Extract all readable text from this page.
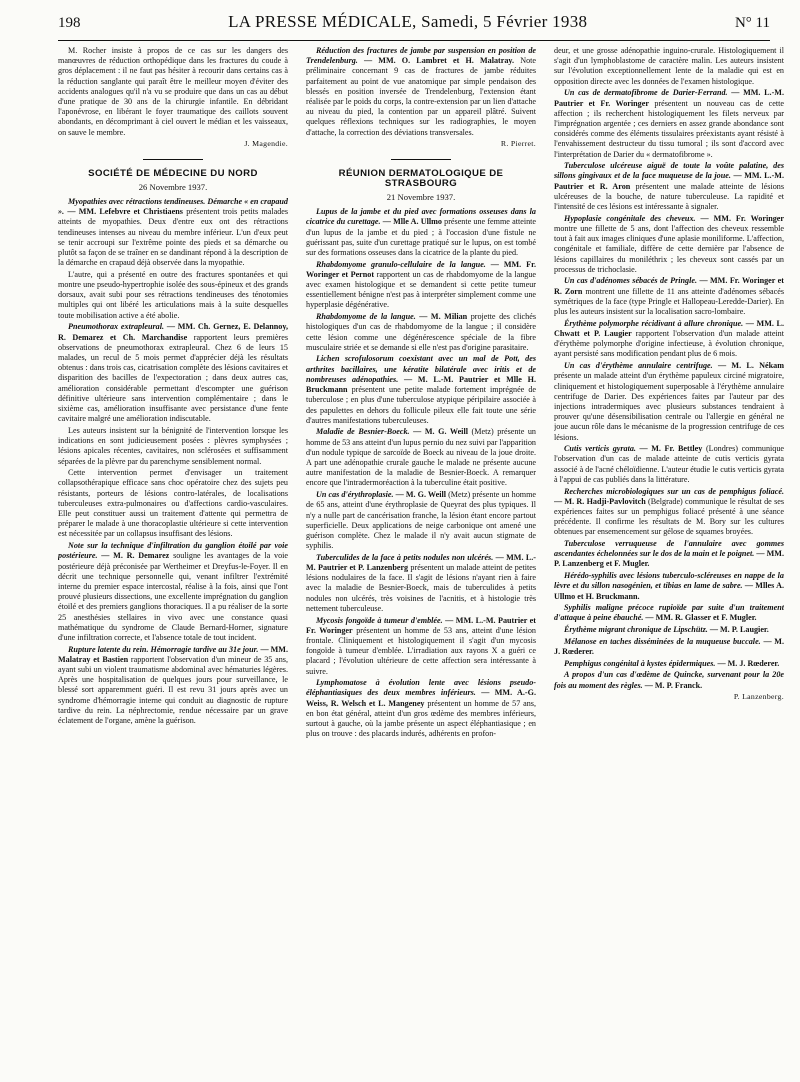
198	LA PRESSE MÉDICALE, Samedi, 5 Février 1938	N° 11

M. Rocher insiste à propos de ce cas sur les dangers des manœuvres de réduction orthopédique dans les fractures du coude à gros déplacement : il ne faut pas hésiter à recourir dans certains cas à la réduction sanglante qui paraît être le meilleur moyen d'éviter des accidents analogues qu'il n'a vu se produire que dans un cas au début d'une pratique de 30 ans de la chirurgie infantile. En débridant l'aponévrose, en libérant le foyer traumatique des caillots souvent abondants, en décomprimant à ciel ouvert le médian et les vaisseaux, on sauve le membre.

J. Magendie.
SOCIÉTÉ DE MÉDECINE DU NORD
26 Novembre 1937.

Myopathies avec rétractions tendineuses. Démarche « en crapaud ». — MM. Lefebvre et Christiaens présentent trois petits malades atteints de myopathies. Deux d'entre eux ont des rétractions tendineuses intenses au niveau du membre inférieur. L'un d'eux peut se tenir accroupi sur l'extrême pointe des pieds et sa démarche ou plutôt sa façon de se traîner en se dandinant répond à la description de la démarche en crapaud déjà observée dans la myopathie.

L'autre, qui a présenté en outre des fractures spontanées et qui montre une pseudo-hypertrophie isolée des sous-épineux et des grands dorsaux, avait subi pour ses rétractions tendineuses des ténotomies multiples qui ont libéré les articulations mais à la suite desquelles toute mobilisation active a été abolie.

Pneumothorax extrapleural. — MM. Ch. Gernez, E. Delannoy, R. Demarez et Ch. Marchandise rapportent leurs premières observations de pneumothorax extrapleural. Chez 6 de leurs 15 malades, un recul de 5 mois permet d'apprécier déjà les résultats obtenus : dans trois cas, cicatrisation complète des lésions cavitaires et disparition des bacilles de l'expectoration ; dans deux autres cas, amélioration considérable permettant d'escompter une guérison définitive ultérieure sans intervention complémentaire ; dans le sixième cas, amélioration insuffisante avec persistance d'une fente cavitaire malgré une amélioration indiscutable.

Les auteurs insistent sur la bénignité de l'intervention lorsque les indications en sont judicieusement posées : plèvres symphysées ; lésions apicales récentes, cavitaires, non sclérosées et suffisamment séparées de la plèvre par du parenchyme sensiblement normal.

Cette intervention permet d'envisager un traitement collapsothérapique efficace sans choc opératoire chez des sujets peu résistants, porteurs de lésions contro-latérales, de localisations tuberculeuses extra-pulmonaires ou d'affections cardio-vasculaires. Elle peut constituer aussi un traitement d'attente qui permettra de préparer le malade à une thoracoplastie ultérieure si cette intervention est nécessitée par un collapsus insuffisant des lésions.

Note sur la technique d'infiltration du ganglion étoilé par voie postérieure. — M. R. Demarez souligne les avantages de la voie postérieure déjà préconisée par Wertheimer et Dreyfus-le-Foyer. Il en décrit une technique personnelle qui, venant infiltrer l'extrémité interne du premier espace intercostal, réalise à la fois, ainsi que l'ont prouvé plusieurs dissections, une excellente imprégnation du ganglion étoilé et des premiers ganglions thoraciques. Il a pu réaliser de la sorte 25 anesthésies stellaires in vivo avec une constance quasi mathématique du syndrome de Claude Bernard-Horner, signature d'une infiltration correcte, et l'absence totale de tout incident.

Rupture latente du rein. Hémorragie tardive au 31e jour. — MM. Malatray et Bastien rapportent l'observation d'un mineur de 35 ans, ayant subi un violent traumatisme abdominal avec hématuries légères. Après une hospitalisation de quelques jours pour surveillance, le blessé sort apparemment guéri. Il est revu 31 jours après avec un syndrome d'hémorragie interne qui conduit au diagnostic de rupture tardive du rein. La néphrectomie, rendue nécessaire par un grave éclatement de l'organe, amène la guérison.

Réduction des fractures de jambe par suspension en position de Trendelenburg. — MM. O. Lambret et H. Malatray. Note préliminaire concernant 9 cas de fractures de jambe réduites parfaitement au point de vue anatomique par simple pendaison des blessés en position inversée de Trendelenburg, l'extension étant réalisée par le poids du corps, la contre-extension par un lien d'attache au niveau du pied, la contention par un appareil plâtré. Suivent quelques réflexions techniques sur les radiographies, le moyen d'attache, la correction des déviations transversales.

R. Pierret.
RÉUNION DERMATOLOGIQUE DE STRASBOURG
21 Novembre 1937.

Lupus de la jambe et du pied avec formations osseuses dans la cicatrice du curettage. — Mlle A. Ullmo présente une femme atteinte d'un lupus de la jambe et du pied ; à l'occasion d'une fistule ne guérissant pas, suite d'un curettage pratiqué sur le lupus, on est tombé sur des formations osseuses dans la cicatrice de la plante du pied.

Rhabdomyome granulo-cellulaire de la langue. — MM. Fr. Woringer et Pernot rapportent un cas de rhabdomyome de la langue avec examen histologique et se demandent si cette petite tumeur essentiellement bénigne n'est pas à interpréter simplement comme une hyperplasie dégénérative.

Rhabdomyome de la langue. — M. Milian projette des clichés histologiques d'un cas de rhabdomyome de la langue ; il considère cette lésion comme une dégénérescence spéciale de la fibre musculaire striée et se demande si elle n'est pas d'origine parasitaire.

Lichen scrofulosorum coexistant avec un mal de Pott, des arthrites bacillaires, une kératite bilatérale avec iritis et de nombreuses adénopathies. — M. L.-M. Pautrier et Mlle H. Bruckmann présentent une petite malade fortement imprégnée de tuberculose ; en plus d'une tuberculose atypique péripilaire associée à des papulettes en dehors du follicule pileux elle fait toute une série d'autres manifestations tuberculeuses.

Maladie de Besnier-Boeck. — M. G. Weill (Metz) présente un homme de 53 ans atteint d'un lupus pernio du nez suivi par l'apparition d'un nodule typique de sarcoïde de Boeck au niveau de la joue droite. A part une adénopathie crurale gauche le malade ne présente aucune autre manifestation de la maladie de Besnier-Boeck. A remarquer encore que l'intradermoréaction à la tuberculine était positive.

Un cas d'érythroplasie. — M. G. Weill (Metz) présente un homme de 65 ans, atteint d'une érythroplasie de Queyrat des plus typiques. Il n'y a nulle part de cancérisation franche, la lésion étant encore partout superficielle. Deux applications de neige carbonique ont amené une guérison complète. Chez le malade il n'y avait aucun stigmate de syphilis.

Tuberculides de la face à petits nodules non ulcérés. — MM. L.-M. Pautrier et P. Lanzenberg présentent un malade atteint de petites lésions nodulaires de la face. Il s'agit de lésions n'ayant rien à faire avec la maladie de Besnier-Boeck, mais de tuberculides à petits nodules non ulcérés, très voisines de l'acnitis, et à histologie très nettement tuberculeuse.

Mycosis fongoïde à tumeur d'emblée. — MM. L.-M. Pautrier et Fr. Woringer présentent un homme de 53 ans, atteint d'une lésion frontale. Cliniquement et histologiquement il s'agit d'un mycosis fongoïde à tumeur d'emblée. L'irradiation aux rayons X a guéri ce placard ; l'évolution ultérieure de cette affection sera intéressante à suivre.

Lymphomatose à évolution lente avec lésions pseudo-éléphantiasiques des deux membres inférieurs. — MM. A.-G. Weiss, R. Welsch et L. Mangeney présentent un homme de 57 ans, en bon état général, atteint d'un gros œdème des membres inférieurs, surtout à gauche, où la jambe présente un aspect éléphantiasique ; en plus on trouve : des placards indurés, adhérents en profon-

deur, et une grosse adénopathie inguino-crurale. Histologiquement il s'agit d'un lymphoblastome de caractère malin. Les auteurs insistent sur l'évolution exceptionnellement lente de la maladie qui est en opposition directe avec les données de l'examen histologique.

Un cas de dermatofibrome de Darier-Ferrand. — MM. L.-M. Pautrier et Fr. Woringer présentent un nouveau cas de cette affection ; ils recherchent histologiquement les filets nerveux par l'imprégnation argentée ; ces derniers en assez grande abondance sont considérés comme des éléments tissulaires préexistants ayant résisté à l'envahissement destructeur du tissu tumoral ; ils sont d'accord avec l'interprétation de Darier du « dermatofibrome ».

Tuberculose ulcéreuse aiguë de toute la voûte palatine, des sillons gingivaux et de la face muqueuse de la joue. — MM. L.-M. Pautrier et R. Aron présentent une malade atteinte de lésions ulcéreuses de la bouche, de nature tuberculeuse. La rapidité et l'intensité de ces lésions est intéressante à signaler.

Hypoplasie congénitale des cheveux. — MM. Fr. Woringer montre une fillette de 5 ans, dont l'affection des cheveux ressemble tout à fait aux images cliniques d'une aplasie moniliforme. L'affection, congénitale et familiale, diffère de cette dernière par l'absence de lésions capillaires du moniléthrix ; les cheveux sont cassés par un processus de trichoclasie.

Un cas d'adénomes sébacés de Pringle. — MM. Fr. Woringer et R. Zorn montrent une fillette de 11 ans atteinte d'adénomes sébacés symétriques de la face (type Pringle et Hallopeau-Leredde-Darier). En plus les auteurs insistent sur la localisation sacro-lombaire.

Érythème polymorphe récidivant à allure chronique. — MM. L. Chwatt et P. Laugier rapportent l'observation d'un malade atteint d'érythème polymorphe d'origine infectieuse, à évolution chronique, ayant persisté sans modification pendant plus de 6 mois.

Un cas d'érythème annulaire centrifuge. — M. L. Nékam présente un malade atteint d'un érythème papuleux circiné migratoire, cliniquement et histologiquement superposable à l'érythème annulaire centrifuge de Darier. Des expériences faites par l'auteur par des injections intradermiques avec plusieurs substances tendraient à prouver qu'une désensibilisation centrale ou l'allergie en général ne joue aucun rôle dans le mécanisme de la progression centrifuge de ces lésions.

Cutis verticis gyrata. — M. Fr. Bettley (Londres) communique l'observation d'un cas de malade atteinte de cutis verticis gyrata associé à de l'acné chéloïdienne. L'auteur étudie le cutis verticis gyrata à l'appui de cas publiés dans la littérature.

Recherches microbiologiques sur un cas de pemphigus foliacé. — M. R. Hadji-Pavlovitch (Belgrade) communique le résultat de ses expériences faites sur un pemphigus foliacé présenté à une séance précédente. Il confirme les résultats de M. Bory sur les cultures obtenues par ensemencement sur gélose de squames broyées.

Tuberculose verruqueuse de l'annulaire avec gommes ascendantes échelonnées sur le dos de la main et le poignet. — MM. P. Lanzenberg et F. Mugler.

Hérédo-syphilis avec lésions tuberculo-scléreuses en nappe de la lèvre et du sillon nasogénien, et tibias en lame de sabre. — Mlles A. Ullmo et H. Bruckmann.

Syphilis maligne précoce rupioïde par suite d'un traitement d'attaque à peine ébauché. — MM. R. Glasser et F. Mugler.

Érythème migrant chronique de Lipschütz. — M. P. Laugier.

Mélanose en taches disséminées de la muqueuse buccale. — M. J. Rœderer.

Pemphigus congénital à kystes épidermiques. — M. J. Rœderer.

A propos d'un cas d'œdème de Quincke, survenant pour la 20e fois au moment des règles. — M. P. Franck.

P. Lanzenberg.
